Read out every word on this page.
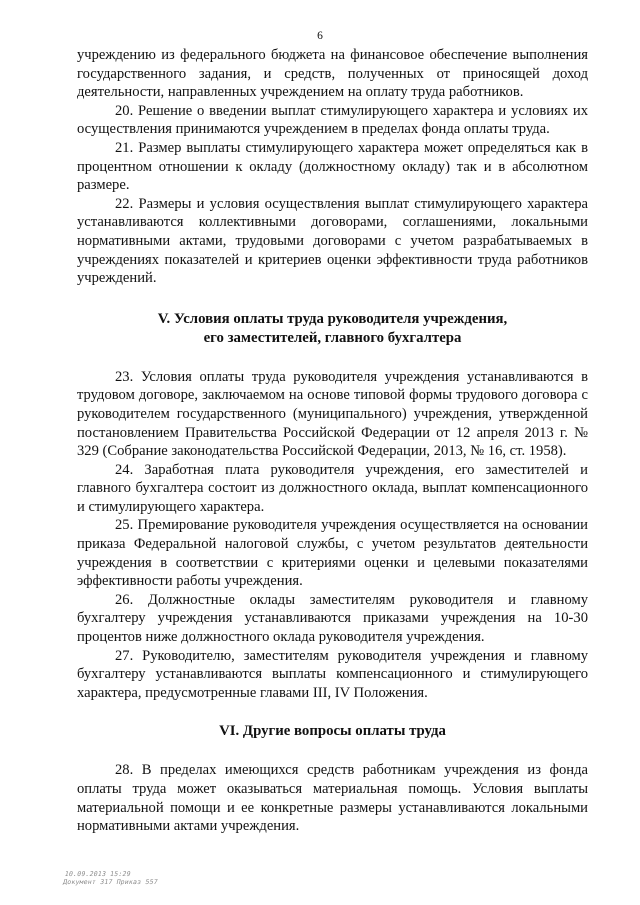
6

учреждению из федерального бюджета на финансовое обеспечение выполнения государственного задания, и средств, полученных от приносящей доход деятельности, направленных учреждением на оплату труда работников.

20. Решение о введении выплат стимулирующего характера и условиях их осуществления принимаются учреждением в пределах фонда оплаты труда.

21. Размер выплаты стимулирующего характера может определяться как в процентном отношении к окладу (должностному окладу) так и в абсолютном размере.

22. Размеры и условия осуществления выплат стимулирующего характера устанавливаются коллективными договорами, соглашениями, локальными нормативными актами, трудовыми договорами с учетом разрабатываемых в учреждениях показателей и критериев оценки эффективности труда работников учреждений.

V. Условия оплаты труда руководителя учреждения,
его заместителей, главного бухгалтера

23. Условия оплаты труда руководителя учреждения устанавливаются в трудовом договоре, заключаемом на основе типовой формы трудового договора с руководителем государственного (муниципального) учреждения, утвержденной постановлением Правительства Российской Федерации от 12 апреля 2013 г. № 329 (Собрание законодательства Российской Федерации, 2013, № 16, ст. 1958).

24. Заработная плата руководителя учреждения, его заместителей и главного бухгалтера состоит из должностного оклада, выплат компенсационного и стимулирующего характера.

25. Премирование руководителя учреждения осуществляется на основании приказа Федеральной налоговой службы, с учетом результатов деятельности учреждения в соответствии с критериями оценки и целевыми показателями эффективности работы учреждения.

26. Должностные оклады заместителям руководителя и главному бухгалтеру учреждения устанавливаются приказами учреждения на 10-30 процентов ниже должностного оклада руководителя учреждения.

27. Руководителю, заместителям руководителя учреждения и главному бухгалтеру устанавливаются выплаты компенсационного и стимулирующего характера, предусмотренные главами III, IV Положения.

VI. Другие вопросы оплаты труда

28. В пределах имеющихся средств работникам учреждения из фонда оплаты труда может оказываться материальная помощь. Условия выплаты материальной помощи и ее конкретные размеры устанавливаются локальными нормативными актами учреждения.

10.09.2013 15:29
Документ 317 Приказ 557
